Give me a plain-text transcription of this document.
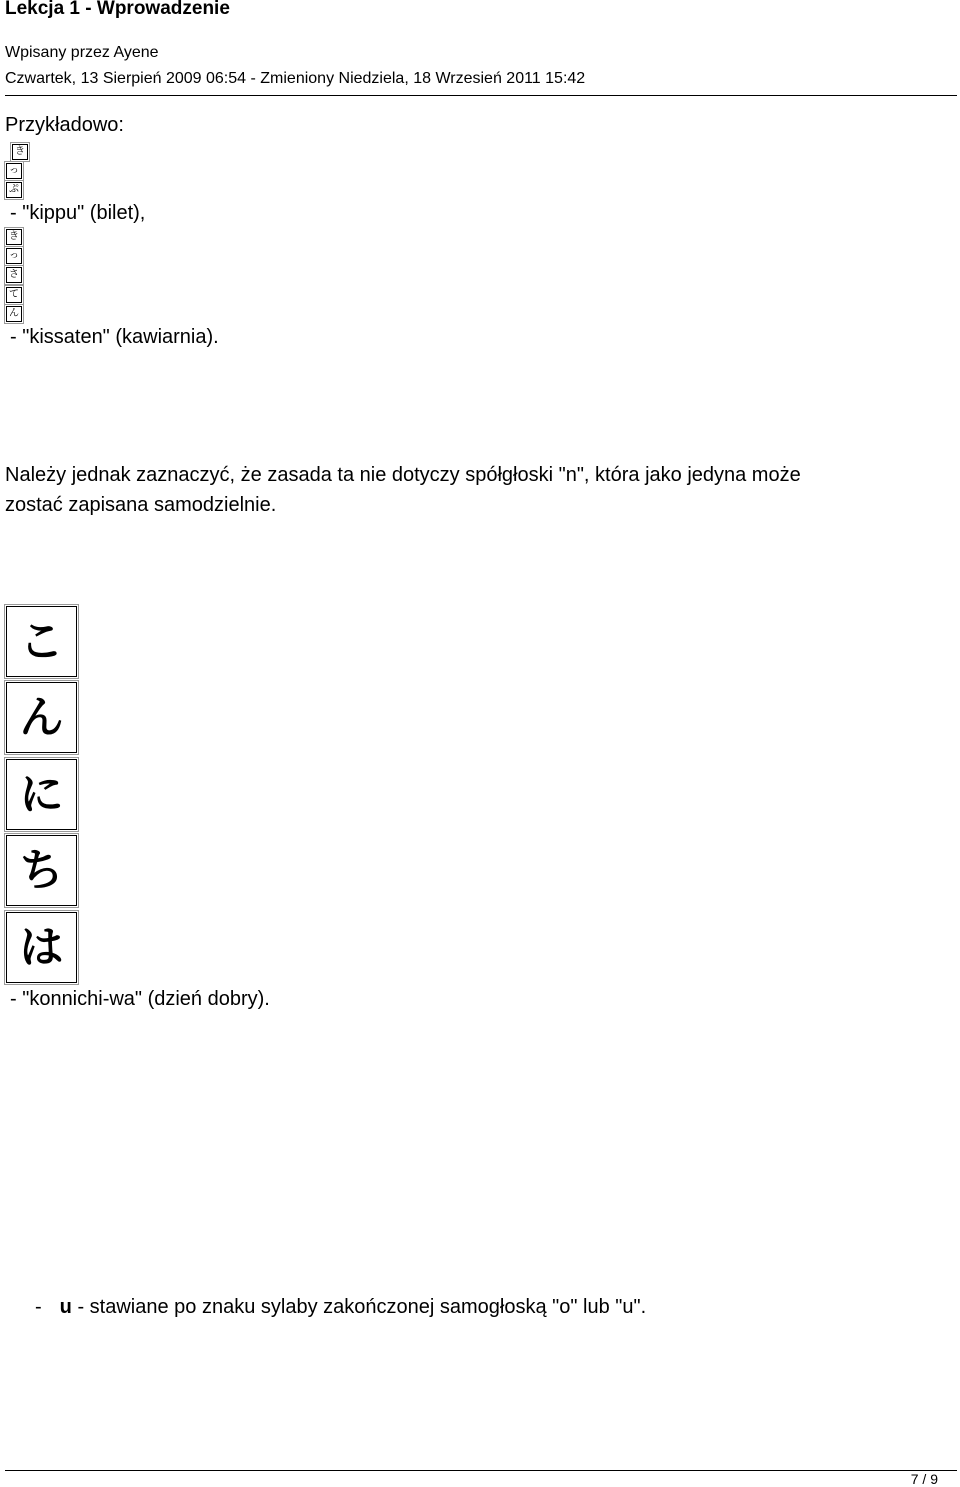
Lekcja 1 - Wprowadzenie
Wpisany przez Ayene
Czwartek, 13 Sierpień 2009 06:54 - Zmieniony Niedziela, 18 Wrzesień 2011 15:42
Przykładowo:
き
っ
ぷ
- "kippu" (bilet),
き
っ
さ
て
ん
- "kissaten" (kawiarnia).
Należy jednak zaznaczyć, że zasada ta nie dotyczy spółgłoski "n", która jako jedyna może
zostać zapisana samodzielnie.
こ
ん
に
ち
は
- "konnichi-wa" (dzień dobry).
- u - stawiane po znaku sylaby zakończonej samogłoską "o" lub "u".
7 / 9
